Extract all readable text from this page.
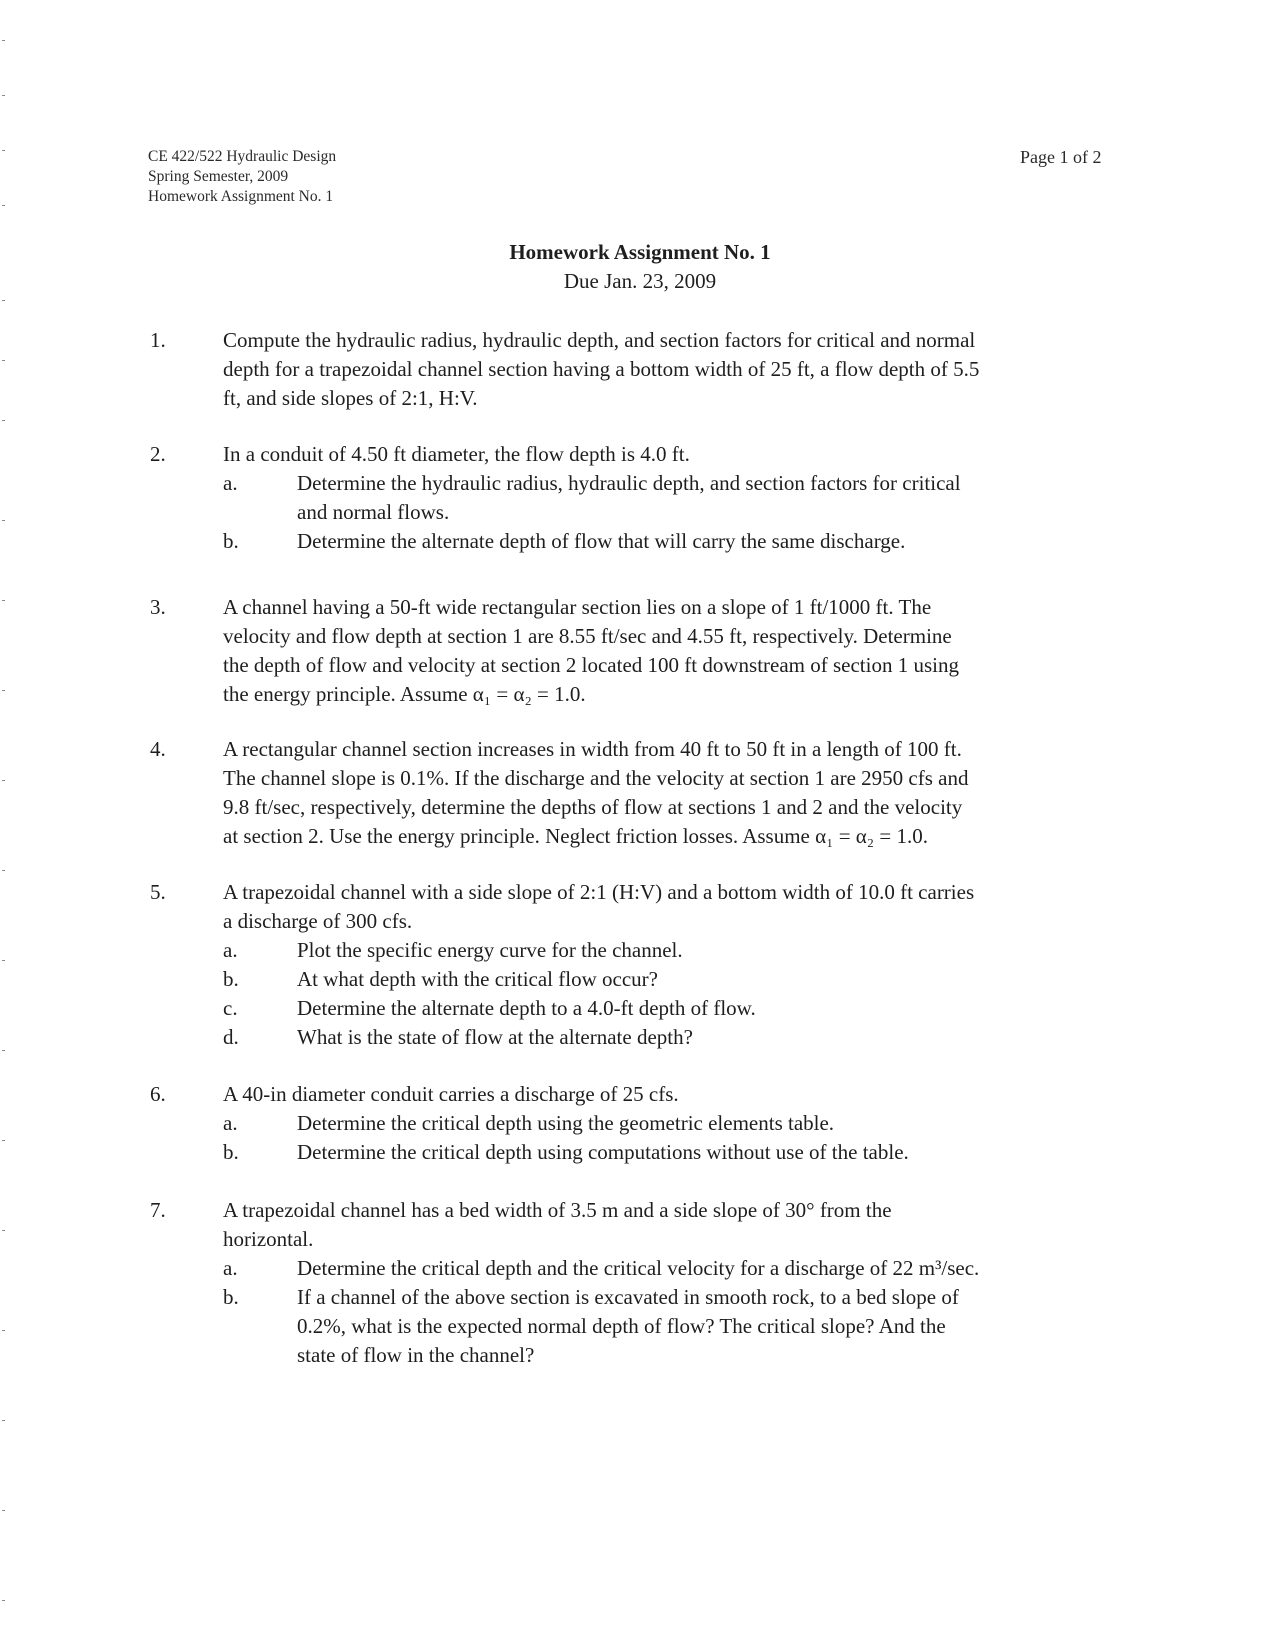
CE 422/522 Hydraulic Design
Spring Semester, 2009
Homework Assignment No. 1
Page 1 of 2
Homework Assignment No. 1
Due Jan. 23, 2009
1.	Compute the hydraulic radius, hydraulic depth, and section factors for critical and normal
depth for a trapezoidal channel section having a bottom width of 25 ft, a flow depth of 5.5
ft, and side slopes of 2:1, H:V.
2.	In a conduit of 4.50 ft diameter, the flow depth is 4.0 ft.
a.	Determine the hydraulic radius, hydraulic depth, and section factors for critical
and normal flows.
b.	Determine the alternate depth of flow that will carry the same discharge.
3.	A channel having a 50-ft wide rectangular section lies on a slope of 1 ft/1000 ft. The
velocity and flow depth at section 1 are 8.55 ft/sec and 4.55 ft, respectively. Determine
the depth of flow and velocity at section 2 located 100 ft downstream of section 1 using
the energy principle. Assume α₁ = α₂ = 1.0.
4.	A rectangular channel section increases in width from 40 ft to 50 ft in a length of 100 ft.
The channel slope is 0.1%. If the discharge and the velocity at section 1 are 2950 cfs and
9.8 ft/sec, respectively, determine the depths of flow at sections 1 and 2 and the velocity
at section 2. Use the energy principle. Neglect friction losses. Assume α₁ = α₂ = 1.0.
5.	A trapezoidal channel with a side slope of 2:1 (H:V) and a bottom width of 10.0 ft carries
a discharge of 300 cfs.
a.	Plot the specific energy curve for the channel.
b.	At what depth with the critical flow occur?
c.	Determine the alternate depth to a 4.0-ft depth of flow.
d.	What is the state of flow at the alternate depth?
6.	A 40-in diameter conduit carries a discharge of 25 cfs.
a.	Determine the critical depth using the geometric elements table.
b.	Determine the critical depth using computations without use of the table.
7.	A trapezoidal channel has a bed width of 3.5 m and a side slope of 30° from the
horizontal.
a.	Determine the critical depth and the critical velocity for a discharge of 22 m³/sec.
b.	If a channel of the above section is excavated in smooth rock, to a bed slope of
0.2%, what is the expected normal depth of flow? The critical slope? And the
state of flow in the channel?
